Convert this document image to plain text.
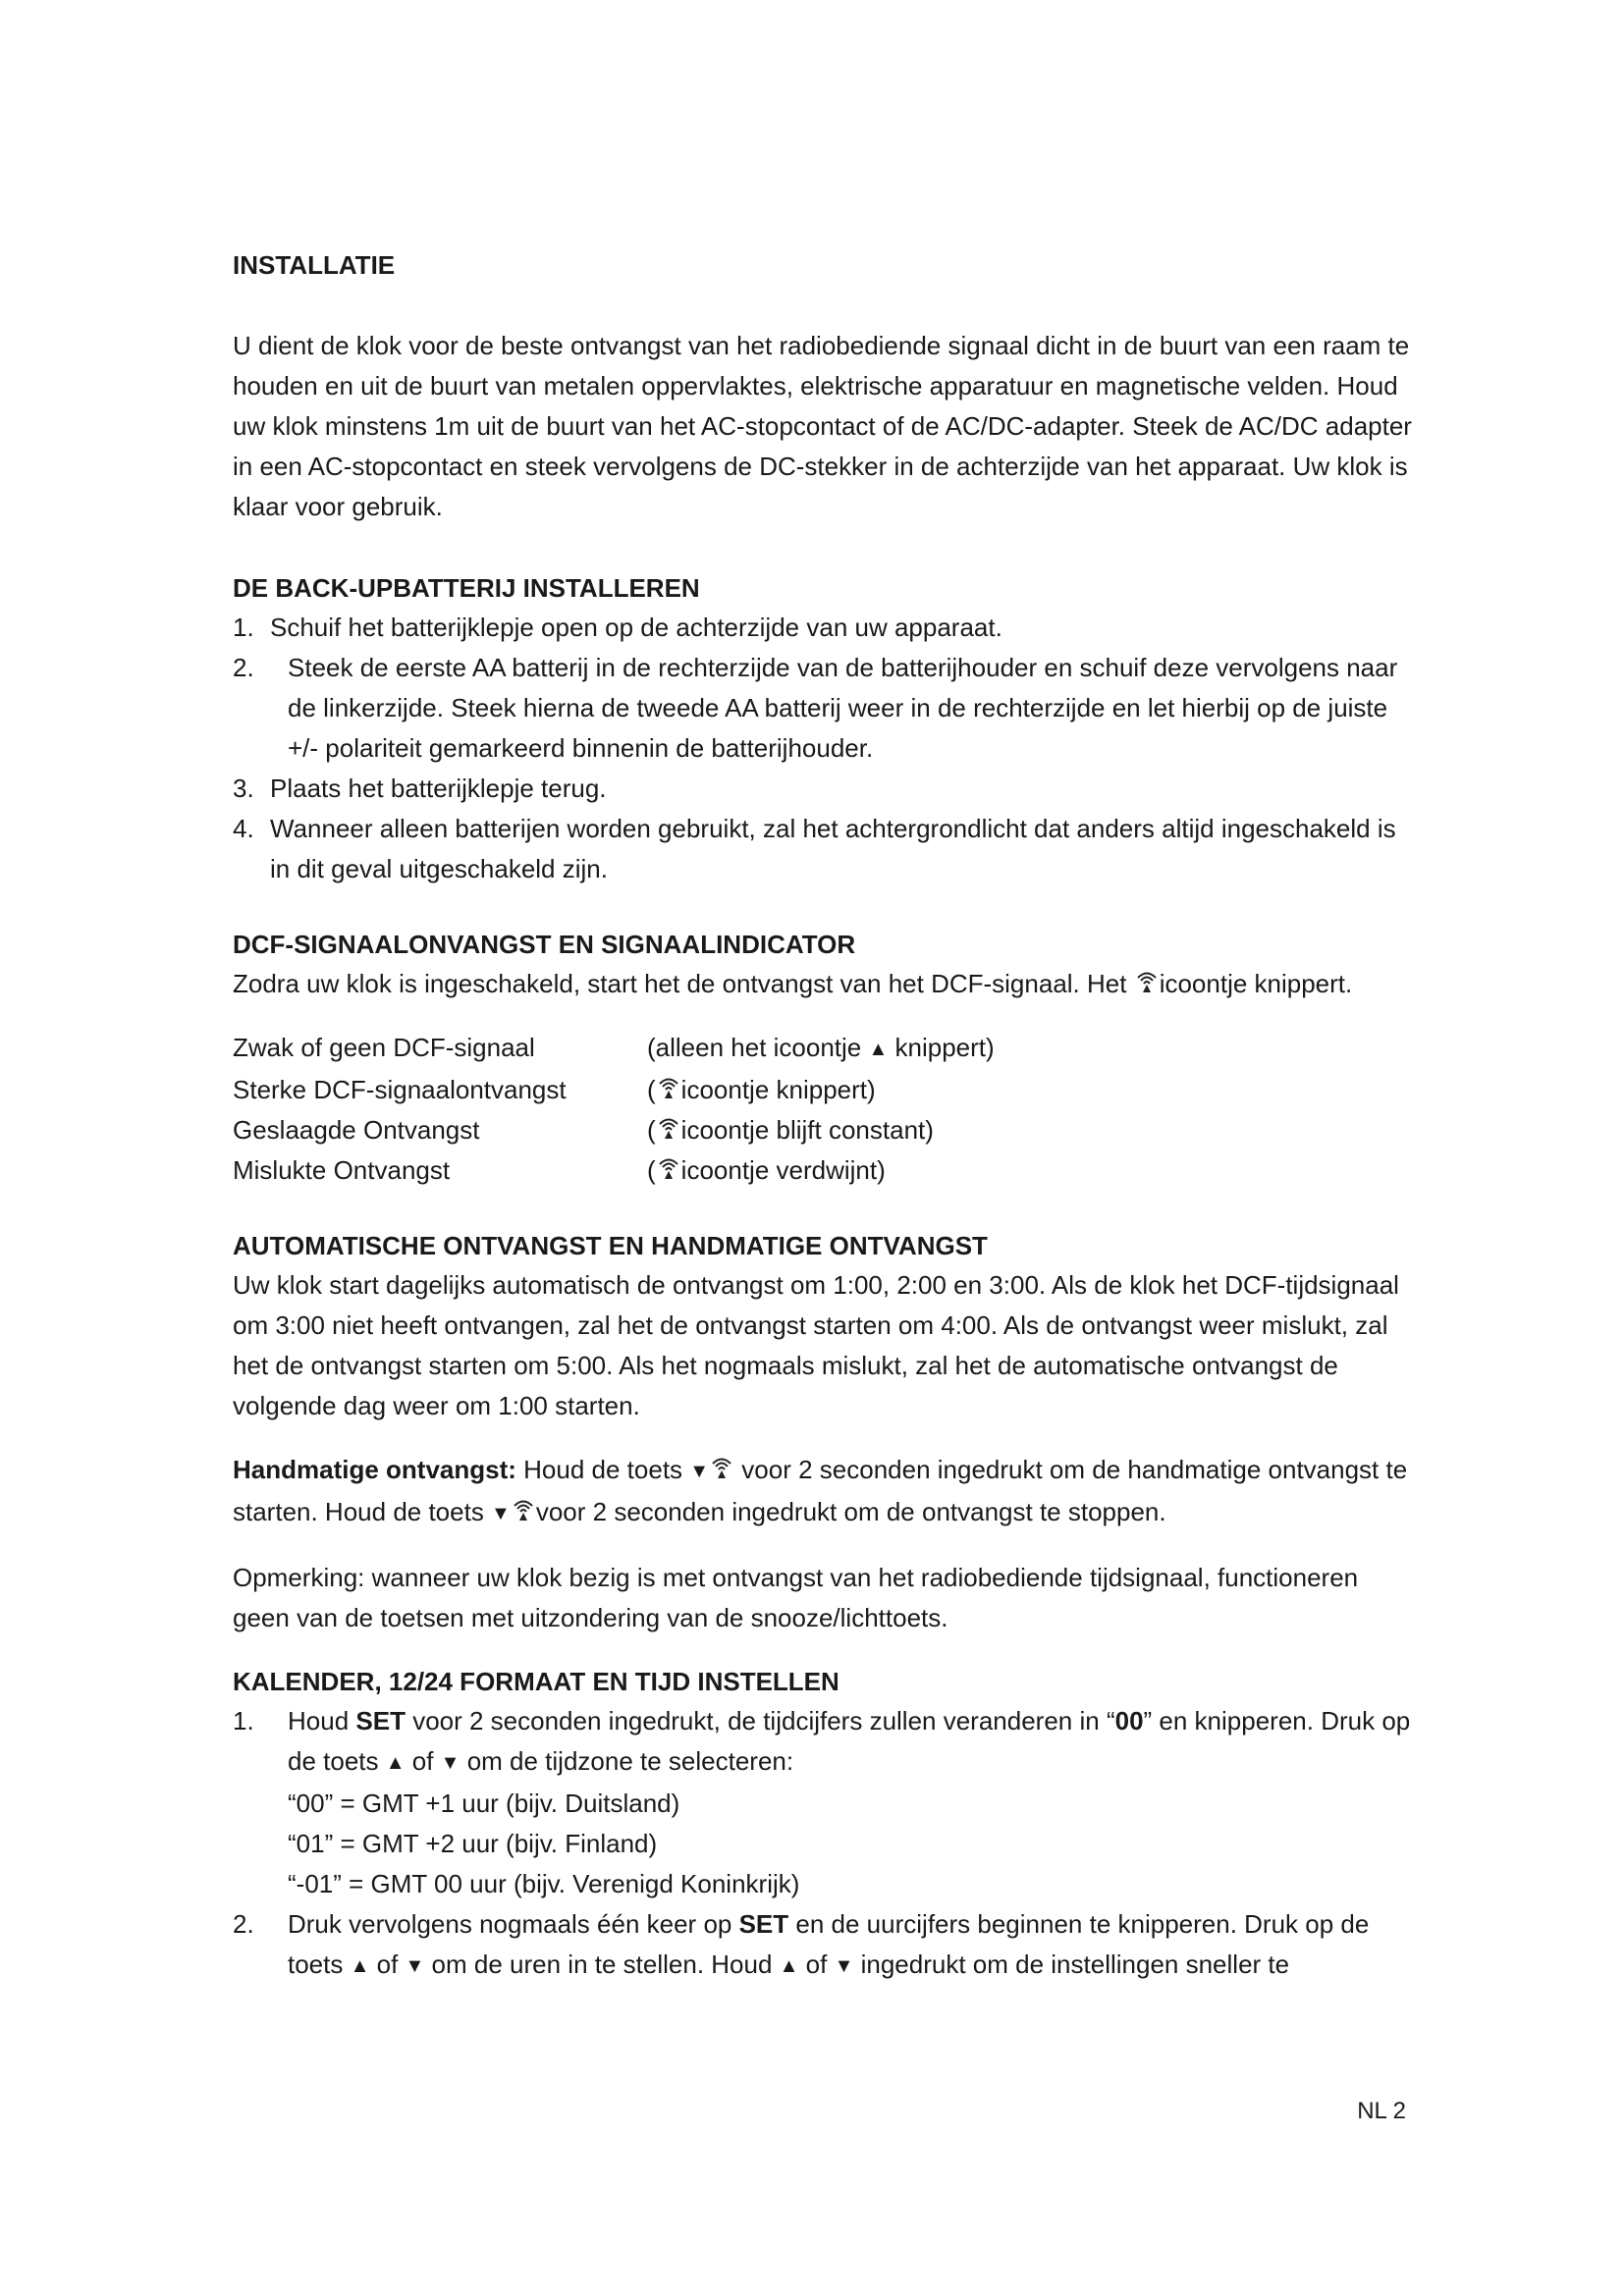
INSTALLATIE

U dient de klok voor de beste ontvangst van het radiobediende signaal dicht in de buurt van een raam te houden en uit de buurt van metalen oppervlaktes, elektrische apparatuur en magnetische velden. Houd uw klok minstens 1m uit de buurt van het AC-stopcontact of de AC/DC-adapter. Steek de AC/DC adapter in een AC-stopcontact en steek vervolgens de DC-stekker in de achterzijde van het apparaat. Uw klok is klaar voor gebruik.

DE BACK-UPBATTERIJ INSTALLEREN
1. Schuif het batterijklepje open op de achterzijde van uw apparaat.
2.	Steek de eerste AA batterij in de rechterzijde van de batterijhouder en schuif deze vervolgens naar de linkerzijde. Steek hierna de tweede AA batterij weer in de rechterzijde en let hierbij op de juiste +/- polariteit gemarkeerd binnenin de batterijhouder.
3. Plaats het batterijklepje terug.
4. Wanneer alleen batterijen worden gebruikt, zal het achtergrondlicht dat anders altijd ingeschakeld is in dit geval uitgeschakeld zijn.
DCF-SIGNAALONVANGST EN SIGNAALINDICATOR

Zodra uw klok is ingeschakeld, start het de ontvangst van het DCF-signaal. Het
icoontje knippert.

Zwak of geen DCF-signaal	(alleen het icoontje ▲ knippert)
Sterke DCF-signaalontvangst	( icoontje knippert)
Geslaagde Ontvangst	( icoontje blijft constant)
Mislukte Ontvangst	( icoontje verdwijnt)
AUTOMATISCHE ONTVANGST EN HANDMATIGE ONTVANGST

Uw klok start dagelijks automatisch de ontvangst om 1:00, 2:00 en 3:00. Als de klok het DCF-tijdsignaal om 3:00 niet heeft ontvangen, zal het de ontvangst starten om 4:00. Als de ontvangst weer mislukt, zal het de ontvangst starten om 5:00. Als het nogmaals mislukt, zal het de automatische ontvangst de volgende dag weer om 1:00 starten.

Handmatige ontvangst: Houd de toets ▼
voor 2 seconden ingedrukt om de handmatige ontvangst te starten. Houd de toets ▼ voor 2 seconden ingedrukt om de ontvangst te stoppen.

Opmerking: wanneer uw klok bezig is met ontvangst van het radiobediende tijdsignaal, functioneren geen van de toetsen met uitzondering van de snooze/lichttoets.

KALENDER, 12/24 FORMAAT EN TIJD INSTELLEN
1.	Houd SET voor 2 seconden ingedrukt, de tijdcijfers zullen veranderen in “00” en knipperen. Druk op de toets ▲ of ▼ om de tijdzone te selecteren:
“00” = GMT +1 uur (bijv. Duitsland)
“01” = GMT +2 uur (bijv. Finland)
“-01” = GMT 00 uur (bijv. Verenigd Koninkrijk)
2.	Druk vervolgens nogmaals één keer op SET en de uurcijfers beginnen te knipperen. Druk op de toets ▲ of ▼ om de uren in te stellen. Houd ▲ of ▼ ingedrukt om de instellingen sneller te
NL 2
